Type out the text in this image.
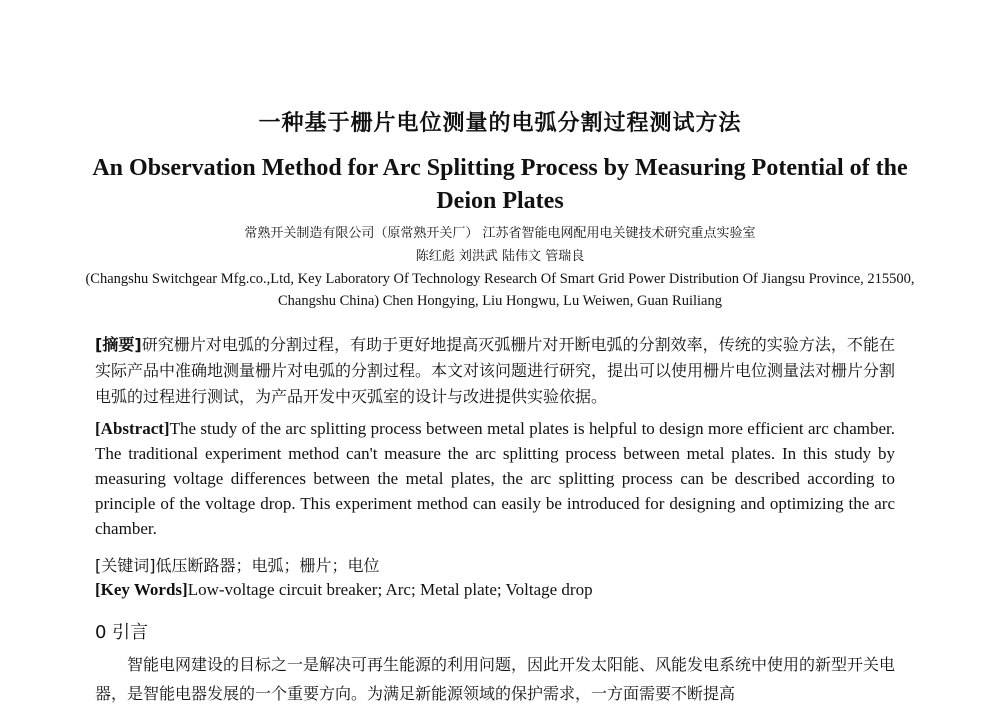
一种基于栅片电位测量的电弧分割过程测试方法
An Observation Method for Arc Splitting Process by Measuring Potential of the Deion Plates
常熟开关制造有限公司（原常熟开关厂） 江苏省智能电网配用电关键技术研究重点实验室
陈红彪 刘洪武 陆伟文 管瑞良
(Changshu Switchgear Mfg.co.,Ltd, Key Laboratory Of Technology Research Of Smart Grid Power Distribution Of Jiangsu Province, 215500, Changshu China) Chen Hongying, Liu Hongwu, Lu Weiwen, Guan Ruiliang
[摘要]研究栅片对电弧的分割过程，有助于更好地提高灭弧栅片对开断电弧的分割效率，传统的实验方法，不能在实际产品中准确地测量栅片对电弧的分割过程。本文对该问题进行研究，提出可以使用栅片电位测量法对栅片分割电弧的过程进行测试，为产品开发中灭弧室的设计与改进提供实验依据。
[Abstract]The study of the arc splitting process between metal plates is helpful to design more efficient arc chamber. The traditional experiment method can't measure the arc splitting process between metal plates. In this study by measuring voltage differences between the metal plates, the arc splitting process can be described according to principle of the voltage drop. This experiment method can easily be introduced for designing and optimizing the arc chamber.
[关键词]低压断路器；电弧；栅片；电位
[Key Words]Low-voltage circuit breaker; Arc; Metal plate; Voltage drop
0 引言
智能电网建设的目标之一是解决可再生能源的利用问题，因此开发太阳能、风能发电系统中使用的新型开关电器，是智能电器发展的一个重要方向。为满足新能源领域的保护需求，一方面需要不断提高
